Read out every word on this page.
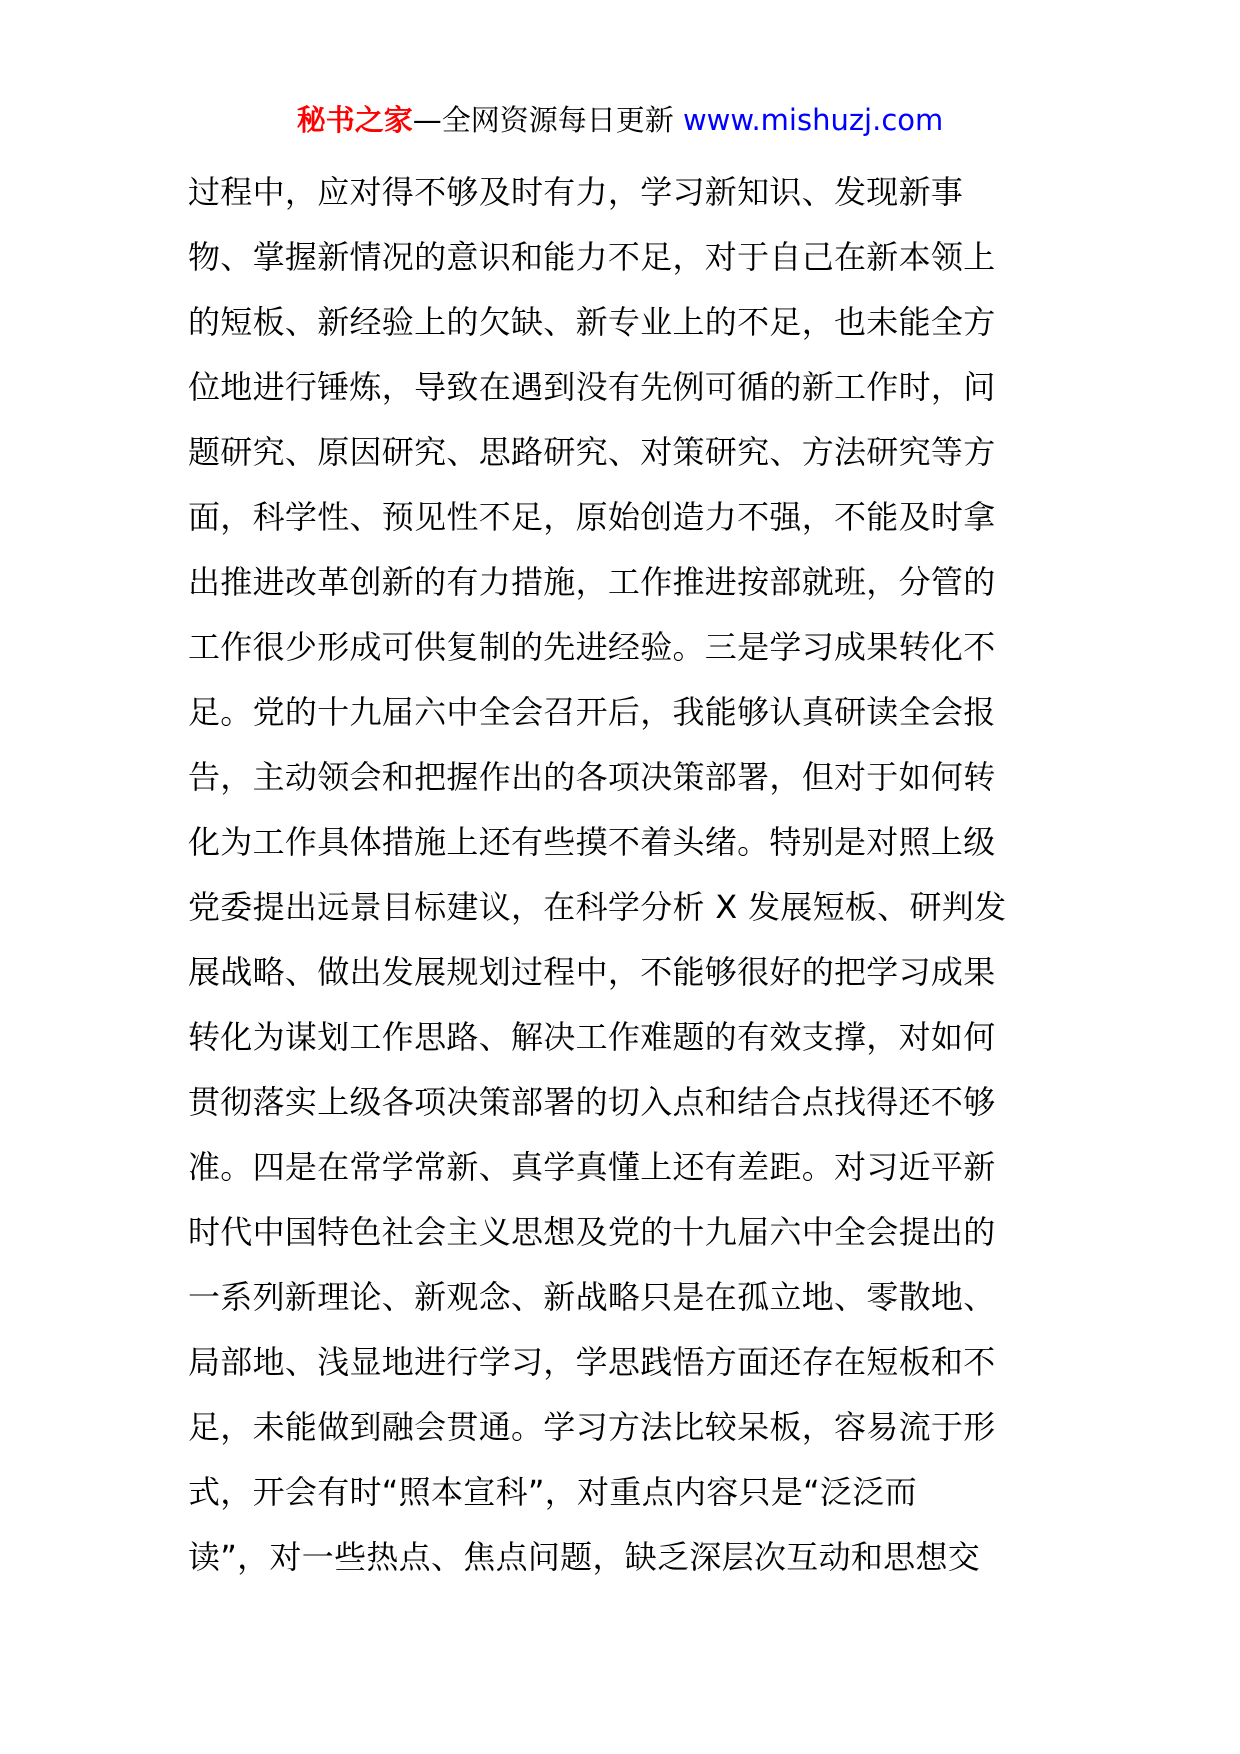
秘书之家—全网资源每日更新 www.mishuzj.com
过程中，应对得不够及时有力，学习新知识、发现新事
物、掌握新情况的意识和能力不足，对于自己在新本领上
的短板、新经验上的欠缺、新专业上的不足，也未能全方
位地进行锤炼，导致在遇到没有先例可循的新工作时，问
题研究、原因研究、思路研究、对策研究、方法研究等方
面，科学性、预见性不足，原始创造力不强，不能及时拿
出推进改革创新的有力措施，工作推进按部就班，分管的
工作很少形成可供复制的先进经验。三是学习成果转化不
足。党的十九届六中全会召开后，我能够认真研读全会报
告，主动领会和把握作出的各项决策部署，但对于如何转
化为工作具体措施上还有些摸不着头绪。特别是对照上级
党委提出远景目标建议，在科学分析 X 发展短板、研判发
展战略、做出发展规划过程中，不能够很好的把学习成果
转化为谋划工作思路、解决工作难题的有效支撑，对如何
贯彻落实上级各项决策部署的切入点和结合点找得还不够
准。四是在常学常新、真学真懂上还有差距。对习近平新
时代中国特色社会主义思想及党的十九届六中全会提出的
一系列新理论、新观念、新战略只是在孤立地、零散地、
局部地、浅显地进行学习，学思践悟方面还存在短板和不
足，未能做到融会贯通。学习方法比较呆板，容易流于形
式，开会有时“照本宣科”，对重点内容只是“泛泛而
读”，对一些热点、焦点问题，缺乏深层次互动和思想交
